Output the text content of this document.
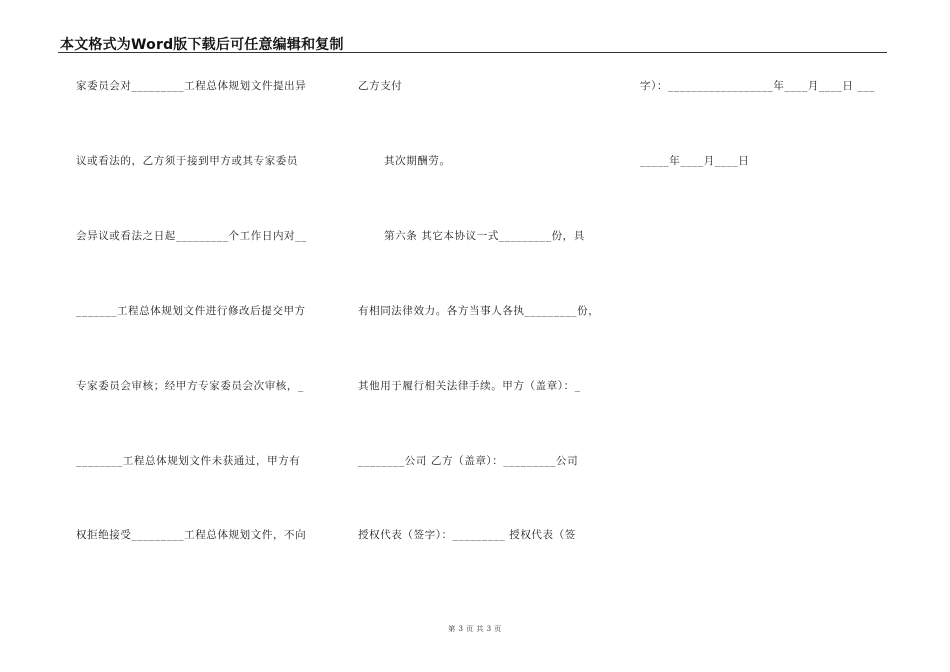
本文格式为Word版下载后可任意编辑和复制
家委员会对_________工程总体规划文件提出异
议或看法的，乙方须于接到甲方或其专家委员
会异议或看法之日起_________个工作日内对__
_______工程总体规划文件进行修改后提交甲方
专家委员会审核；经甲方专家委员会次审核，_
________工程总体规划文件未获通过，甲方有
权拒绝接受_________工程总体规划文件，不向
乙方支付
其次期酬劳。
第六条 其它本协议一式_________份，具
有相同法律效力。各方当事人各执_________份，
其他用于履行相关法律手续。甲方（盖章）：_
________公司 乙方（盖章）：_________公司
授权代表（签字）：_________ 授权代表（签
字）：__________________年____月____日 ___
_____年____月____日
第 3 页 共 3 页
